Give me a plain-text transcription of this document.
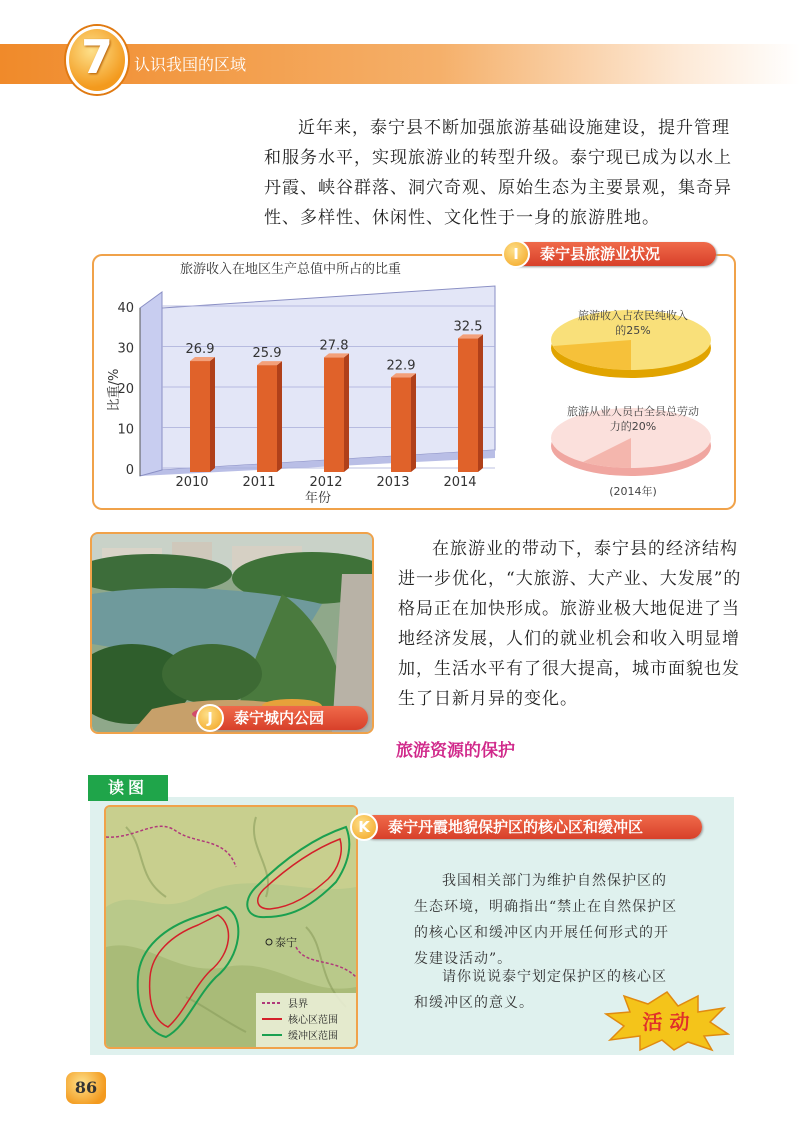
7	认识我国的区域
近年来，泰宁县不断加强旅游基础设施建设，提升管理和服务水平，实现旅游业的转型升级。泰宁现已成为以水上丹霞、峡谷群落、洞穴奇观、原始生态为主要景观，集奇异性、多样性、休闲性、文化性于一身的旅游胜地。
泰宁县旅游业状况
I
旅游收入在地区生产总值中所占的比重
0
10
20
30
40
26.9	25.9
27.8
22.9
32.5
2010	2011	2012	2013	2014
比重/%
年份
旅游收入占农民纯收入的25%
旅游从业人员占全县总劳动力的20%
(2014年)
泰宁城内公园
J
在旅游业的带动下，泰宁县的经济结构进一步优化，“大旅游、大产业、大发展”的格局正在加快形成。旅游业极大地促进了当地经济发展，人们的就业机会和收入明显增加，生活水平有了很大提高，城市面貌也发生了日新月异的变化。
旅游资源的保护
读图
泰宁
县界
核心区范围
缓冲区范围
泰宁丹霞地貌保护区的核心区和缓冲区
K
我国相关部门为维护自然保护区的生态环境，明确指出“禁止在自然保护区的核心区和缓冲区内开展任何形式的开发建设活动”。
请你说说泰宁划定保护区的核心区和缓冲区的意义。
活 动
86
